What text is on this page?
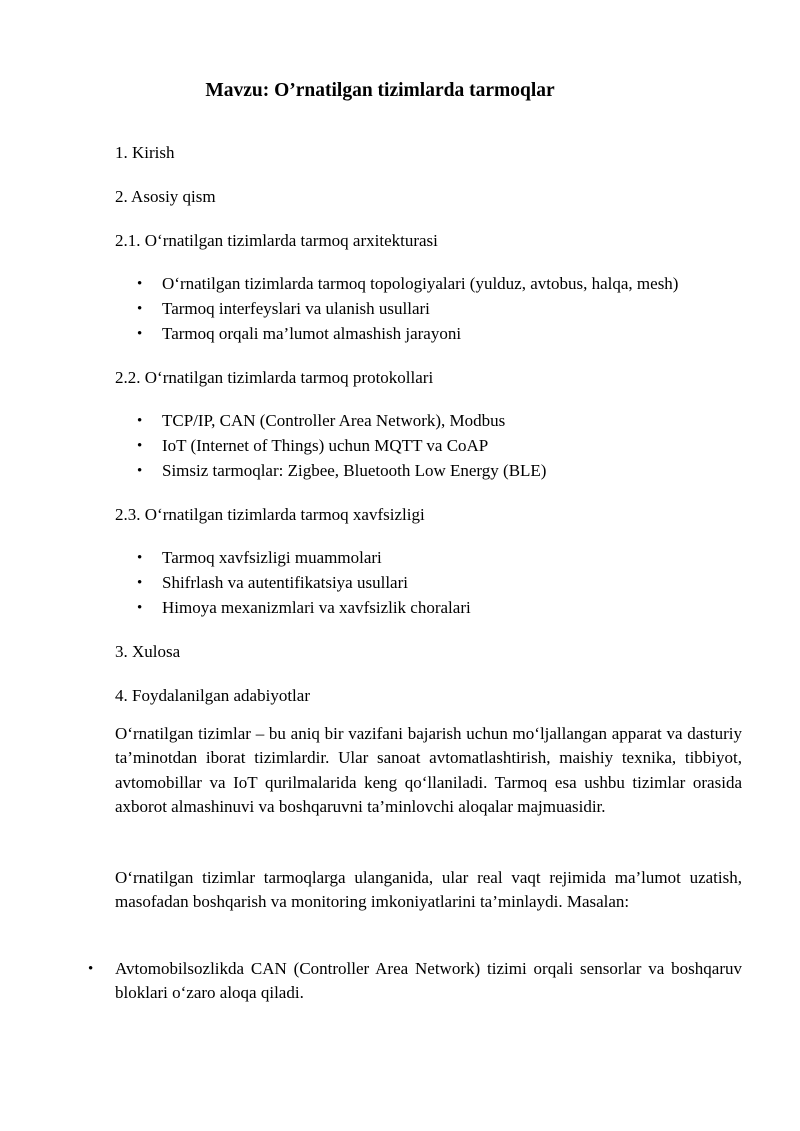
Mavzu: O’rnatilgan tizimlarda tarmoqlar
1. Kirish
2. Asosiy qism
2.1. O‘rnatilgan tizimlarda tarmoq arxitekturasi
• O‘rnatilgan tizimlarda tarmoq topologiyalari (yulduz, avtobus, halqa, mesh)
• Tarmoq interfeyslari va ulanish usullari
• Tarmoq orqali ma’lumot almashish jarayoni
2.2. O‘rnatilgan tizimlarda tarmoq protokollari
• TCP/IP, CAN (Controller Area Network), Modbus
• IoT (Internet of Things) uchun MQTT va CoAP
• Simsiz tarmoqlar: Zigbee, Bluetooth Low Energy (BLE)
2.3. O‘rnatilgan tizimlarda tarmoq xavfsizligi
• Tarmoq xavfsizligi muammolari
• Shifrlash va autentifikatsiya usullari
• Himoya mexanizmlari va xavfsizlik choralari
3. Xulosa
4. Foydalanilgan adabiyotlar
O‘rnatilgan tizimlar – bu aniq bir vazifani bajarish uchun mo‘ljallangan apparat va dasturiy ta’minotdan iborat tizimlardir. Ular sanoat avtomatlashtirish, maishiy texnika, tibbiyot, avtomobillar va IoT qurilmalarida keng qo‘llaniladi. Tarmoq esa ushbu tizimlar orasida axborot almashinuvi va boshqaruvni ta’minlovchi aloqalar majmuasidir.
O‘rnatilgan tizimlar tarmoqlarga ulanganida, ular real vaqt rejimida ma’lumot uzatish, masofadan boshqarish va monitoring imkoniyatlarini ta’minlaydi. Masalan:
• Avtomobilsozlikda CAN (Controller Area Network) tizimi orqali sensorlar va boshqaruv bloklari o‘zaro aloqa qiladi.
